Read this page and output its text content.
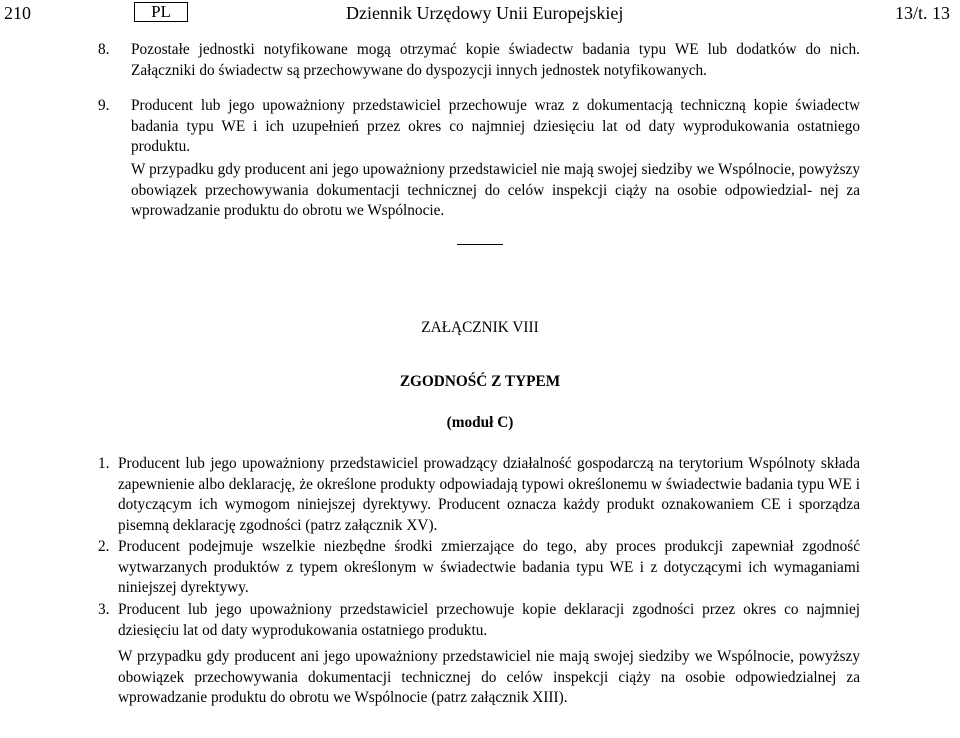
210	PL	Dziennik Urzędowy Unii Europejskiej	13/t. 13
8. Pozostałe jednostki notyfikowane mogą otrzymać kopie świadectw badania typu WE lub dodatków do nich. Załączniki do świadectw są przechowywane do dyspozycji innych jednostek notyfikowanych.

9. Producent lub jego upoważniony przedstawiciel przechowuje wraz z dokumentacją techniczną kopie świadectw badania typu WE i ich uzupełnień przez okres co najmniej dziesięciu lat od daty wyprodukowania ostatniego produktu.

W przypadku gdy producent ani jego upoważniony przedstawiciel nie mają swojej siedziby we Wspólnocie, powyższy obowiązek przechowywania dokumentacji technicznej do celów inspekcji ciąży na osobie odpowiedzial- nej za wprowadzanie produktu do obrotu we Wspólnocie.

ZAŁĄCZNIK VIII
ZGODNOŚĆ Z TYPEM
(moduł C)
1. Producent lub jego upoważniony przedstawiciel prowadzący działalność gospodarczą na terytorium Wspólnoty składa zapewnienie albo deklarację, że określone produkty odpowiadają typowi określonemu w świadectwie badania typu WE i dotyczącym ich wymogom niniejszej dyrektywy. Producent oznacza każdy produkt oznakowaniem CE i sporządza pisemną deklarację zgodności (patrz załącznik XV).

2. Producent podejmuje wszelkie niezbędne środki zmierzające do tego, aby proces produkcji zapewniał zgodność wytwarzanych produktów z typem określonym w świadectwie badania typu WE i z dotyczącymi ich wymaganiami niniejszej dyrektywy.

3. Producent lub jego upoważniony przedstawiciel przechowuje kopie deklaracji zgodności przez okres co najmniej dziesięciu lat od daty wyprodukowania ostatniego produktu.

W przypadku gdy producent ani jego upoważniony przedstawiciel nie mają swojej siedziby we Wspólnocie, powyższy obowiązek przechowywania dokumentacji technicznej do celów inspekcji ciąży na osobie odpowiedzialnej za wprowadzanie produktu do obrotu we Wspólnocie (patrz załącznik XIII).
